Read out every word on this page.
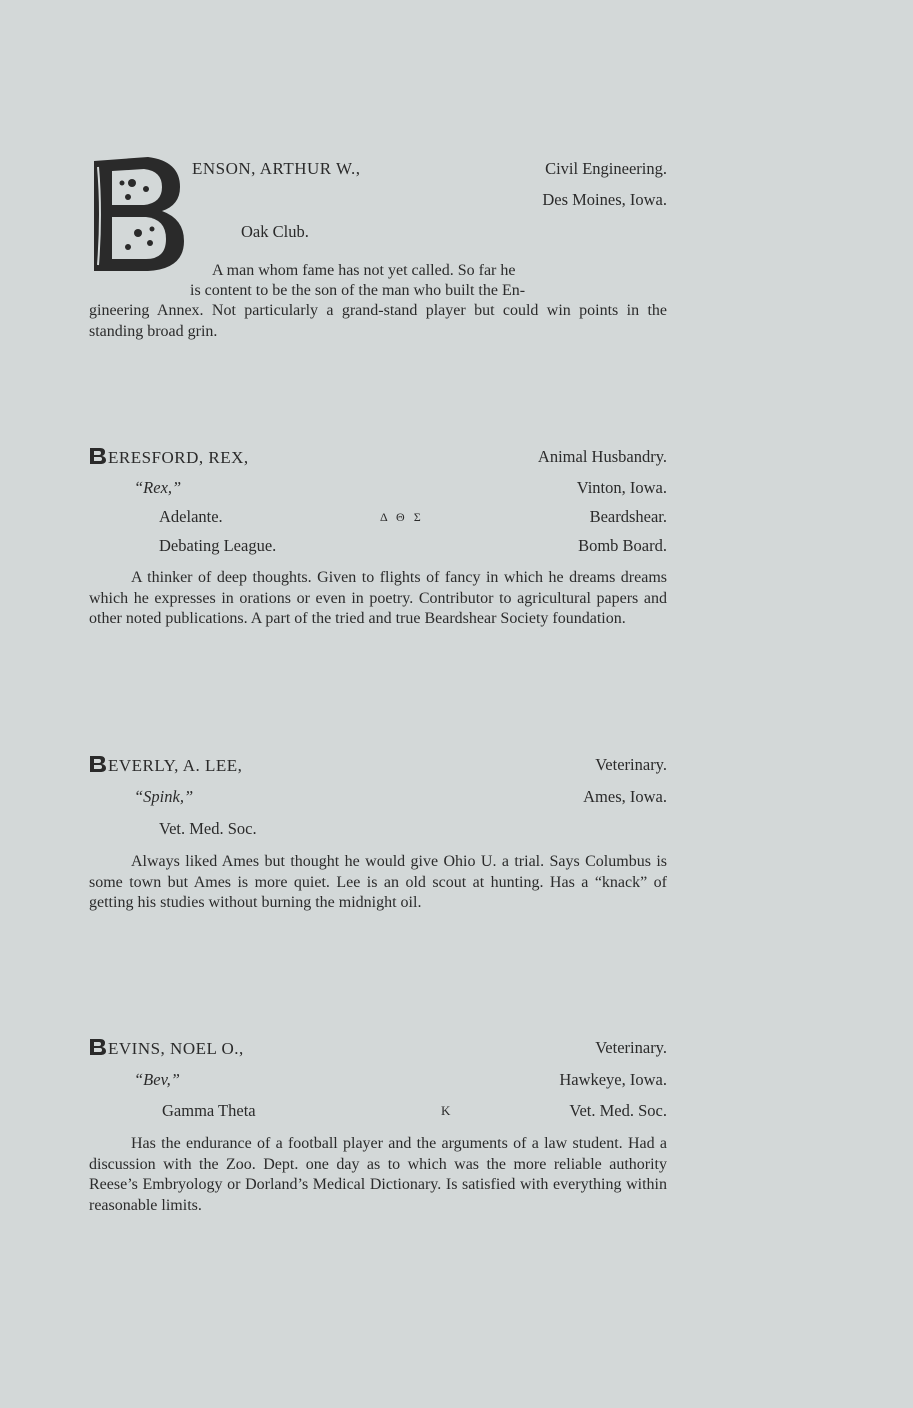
ENSON, ARTHUR W.,	Civil Engineering.
Des Moines, Iowa.
Oak Club.
A man whom fame has not yet called. So far he
is content to be the son of the man who built the En-
gineering Annex. Not particularly a grand-stand player but could win points in the standing broad grin.
ERESFORD, REX,	Animal Husbandry.
“Rex,”	Vinton, Iowa.
Adelante.	Δ Θ Σ	Beardshear.
Debating League.	Bomb Board.
A thinker of deep thoughts. Given to flights of fancy in which he dreams dreams which he expresses in orations or even in poetry. Contributor to agricultural papers and other noted publications. A part of the tried and true Beardshear Society foundation.
EVERLY, A. LEE,	Veterinary.
“Spink,”	Ames, Iowa.
Vet. Med. Soc.
Always liked Ames but thought he would give Ohio U. a trial. Says Columbus is some town but Ames is more quiet. Lee is an old scout at hunting. Has a “knack” of getting his studies without burning the midnight oil.
EVINS, NOEL O.,	Veterinary.
“Bev,”	Hawkeye, Iowa.
Gamma Theta	K	Vet. Med. Soc.
Has the endurance of a football player and the arguments of a law student. Had a discussion with the Zoo. Dept. one day as to which was the more reliable authority Reese’s Embryology or Dorland’s Medical Dictionary. Is satisfied with everything within reasonable limits.
